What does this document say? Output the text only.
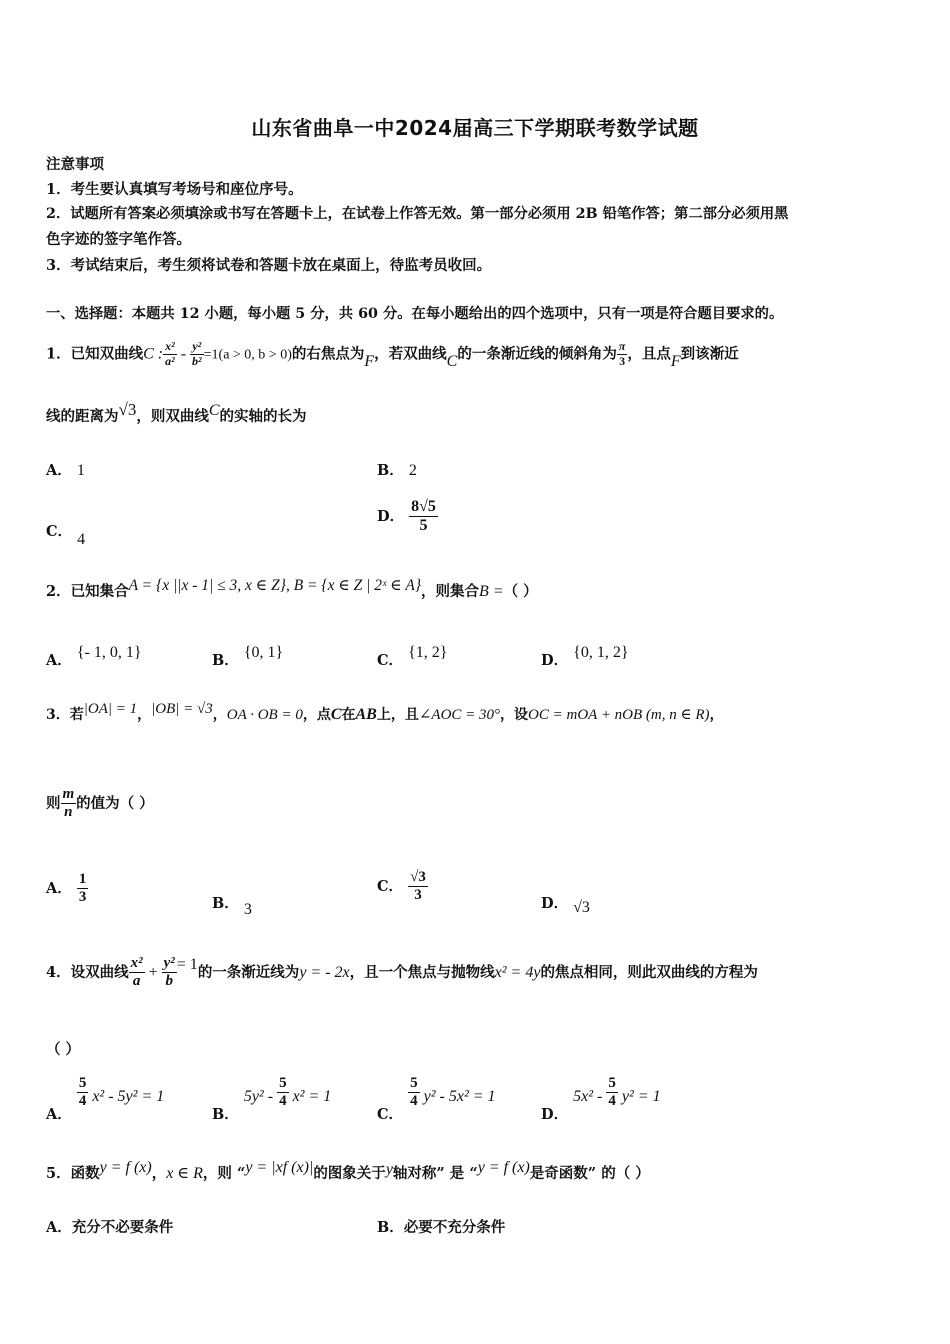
山东省曲阜一中2024届高三下学期联考数学试题
注意事项
1．考生要认真填写考场号和座位序号。
2．试题所有答案必须填涂或书写在答题卡上，在试卷上作答无效。第一部分必须用 2B 铅笔作答；第二部分必须用黑
色字迹的签字笔作答。
3．考试结束后，考生须将试卷和答题卡放在桌面上，待监考员收回。
一、选择题：本题共 12 小题，每小题 5 分，共 60 分。在每小题给出的四个选项中，只有一项是符合题目要求的。
1．已知双曲线C : $\frac{\text{x²}}{\text{a²}} - \frac{\text{y²}}{\text{b²}} =1(a > 0$, b > 0)的右焦点为F，若双曲线C的一条渐近线的倾斜角为 $\frac{\pi}{3}$ ，且点F到该渐近
线的距离为√3，则双曲线C的实轴的长为
A． 1	B． 2
C． 4
D． $\frac{8√5}{5}$
2．已知集合A = {x ||x - 1| ≤ 3, x ∈ Z}, B = {x ∈ Z | 2ˣ ∈ A}，则集合B =（ ）
A． {- 1, 0, 1}	B． {0, 1}	C． {1, 2}	D． {0, 1, 2}
3．若|OA| = 1，|OB| = √3，OA · OB = 0，点C在AB上，且∠AOC = 30°，设OC = mOA + nOB (m, n ∈ R)，
则 $\frac{m}{n}$ 的值为（ ）
A． $\frac{1}{3}$	B． 3
C． $\frac{√3}{3}$	D． √3
4．设双曲线 $\frac{\text{x²}}{a} + \frac{\text{y²}}{b} = 1$的一条渐近线为y = - 2x，且一个焦点与抛物线x² = 4y的焦点相同，则此双曲线的方程为
（ ）
A．
$\frac{5}{4} x^2 - 5y^2 = 1$
B． $5y^2 - \frac{5}{4} x^2 = 1$
C．
$\frac{5}{4} y^2 - 5x^2 = 1$
D． $5x^2 - \frac{5}{4} y^2 = 1$
5．函数y = f (x)，x ∈ R，则 “y = |xf (x)|的图象关于y轴对称” 是 “y = f (x)是奇函数” 的（ ）
A．充分不必要条件	B．必要不充分条件
